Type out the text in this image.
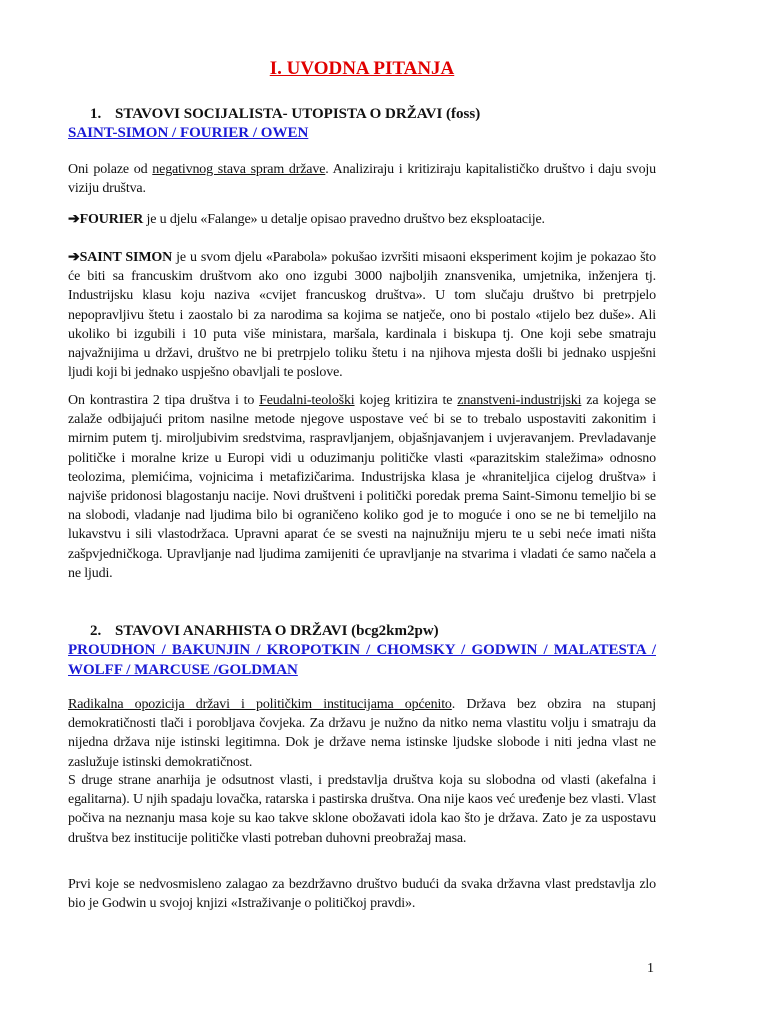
I. UVODNA PITANJA

1. STAVOVI SOCIJALISTA- UTOPISTA O DRŽAVI (foss)

SAINT-SIMON / FOURIER / OWEN

Oni polaze od negativnog stava spram države. Analiziraju i kritiziraju kapitalističko društvo i daju svoju viziju društva.

➔FOURIER je u djelu «Falange» u detalje opisao pravedno društvo bez eksploatacije.

➔SAINT SIMON je u svom djelu «Parabola» pokušao izvršiti misaoni eksperiment kojim je pokazao što će biti sa francuskim društvom ako ono izgubi 3000 najboljih znansvenika, umjetnika, inženjera tj. Industrijsku klasu koju naziva «cvijet francuskog društva». U tom slučaju društvo bi pretrpjelo nepopravljivu štetu i zaostalo bi za narodima sa kojima se natječe, ono bi postalo «tijelo bez duše». Ali ukoliko bi izgubili i 10 puta više ministara, maršala, kardinala i biskupa tj. One koji sebe smatraju najvažnijima u državi, društvo ne bi pretrpjelo toliku štetu i na njihova mjesta došli bi jednako uspješni ljudi koji bi jednako uspješno obavljali te poslove.

On kontrastira 2 tipa društva i to Feudalni-teološki kojeg kritizira te znanstveni-industrijski za kojega se zalaže odbijajući pritom nasilne metode njegove uspostave već bi se to trebalo uspostaviti zakonitim i mirnim putem tj. miroljubivim sredstvima, raspravljanjem, objašnjavanjem i uvjeravanjem. Prevladavanje političke i moralne krize u Europi vidi u oduzimanju političke vlasti «parazitskim staležima» odnosno teolozima, plemićima, vojnicima i metafizičarima. Industrijska klasa je «hraniteljica cijelog društva» i najviše pridonosi blagostanju nacije. Novi društveni i politički poredak prema Saint-Simonu temeljio bi se na slobodi, vladanje nad ljudima bilo bi ograničeno koliko god je to moguće i ono se ne bi temeljilo na lukavstvu i sili vlastodržaca. Upravni aparat će se svesti na najnužniju mjeru te u sebi neće imati ništa zašpvjedničkoga. Upravljanje nad ljudima zamijeniti će upravljanje na stvarima i vladati će samo načela a ne ljudi.

2. STAVOVI ANARHISTA O DRŽAVI (bcg2km2pw)

PROUDHON / BAKUNJIN / KROPOTKIN / CHOMSKY / GODWIN / MALATESTA / WOLFF / MARCUSE /GOLDMAN

Radikalna opozicija državi i političkim institucijama općenito. Država bez obzira na stupanj demokratičnosti tlači i porobljava čovjeka. Za državu je nužno da nitko nema vlastitu volju i smatraju da nijedna država nije istinski legitimna. Dok je države nema istinske ljudske slobode i niti jedna vlast ne zaslužuje istinski demokratičnost.

S druge strane anarhija je odsutnost vlasti, i predstavlja društva koja su slobodna od vlasti (akefalna i egalitarna). U njih spadaju lovačka, ratarska i pastirska društva. Ona nije kaos već uređenje bez vlasti. Vlast počiva na neznanju masa koje su kao takve sklone obožavati idola kao što je država. Zato je za uspostavu društva bez institucije političke vlasti potreban duhovni preobražaj masa.

Prvi koje se nedvosmisleno zalagao za bezdržavno društvo budući da svaka državna vlast predstavlja zlo bio je Godwin u svojoj knjizi «Istraživanje o političkoj pravdi».

1
